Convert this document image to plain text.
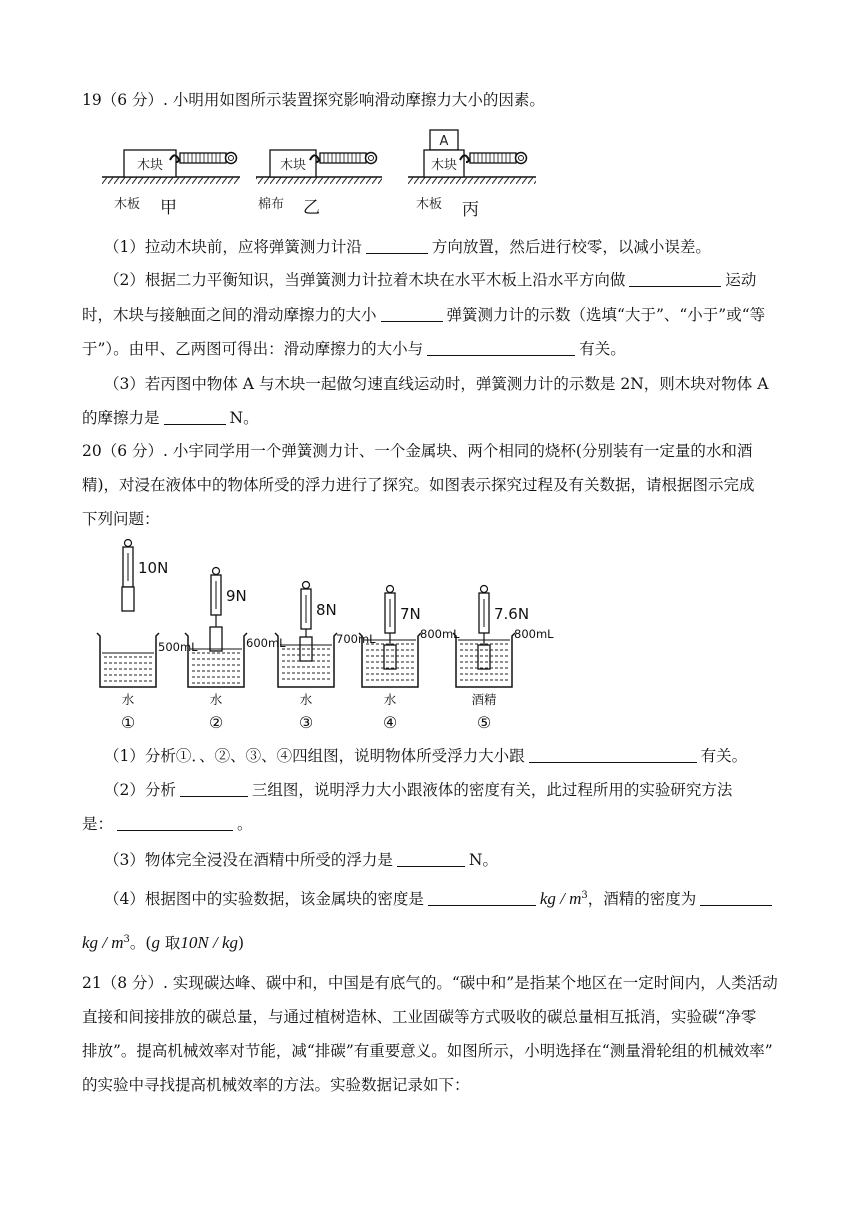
19（6 分）. 小明用如图所示装置探究影响滑动摩擦力大小的因素。
木块
木板 甲
木块
棉布 乙
A
木块
木板 丙
（1）拉动木块前，应将弹簧测力计沿	方向放置，然后进行校零，以减小误差。
（2）根据二力平衡知识，当弹簧测力计拉着木块在水平木板上沿水平方向做	运动
时，木块与接触面之间的滑动摩擦力的大小	弹簧测力计的示数（选填“大于”、“小于”或“等
于”）。由甲、乙两图可得出：滑动摩擦力的大小与	有关。
（3）若丙图中物体 A 与木块一起做匀速直线运动时，弹簧测力计的示数是 2N，则木块对物体 A
的摩擦力是	N。
20（6 分）. 小宇同学用一个弹簧测力计、一个金属块、两个相同的烧杯(分别装有一定量的水和酒
精)，对浸在液体中的物体所受的浮力进行了探究。如图表示探究过程及有关数据，请根据图示完成
下列问题：
10N
500mL
水
①
9N
600mL
水
②
8N
700mL
水
③
7N
800mL
水
④
7.6N
800mL
酒精
⑤
（1）分析①．、②、③、④四组图，说明物体所受浮力大小跟	有关。
（2）分析	三组图，说明浮力大小跟液体的密度有关，此过程所用的实验研究方法
是：	。
（3）物体完全浸没在酒精中所受的浮力是	N。
（4）根据图中的实验数据，该金属块的密度是	kg / $m^3$，酒精的密度为
kg / $m^3$。(g 取10N / kg)
21（8 分）. 实现碳达峰、碳中和，中国是有底气的。“碳中和”是指某个地区在一定时间内，人类活动
直接和间接排放的碳总量，与通过植树造林、工业固碳等方式吸收的碳总量相互抵消，实验碳“净零
排放”。提高机械效率对节能，减“排碳”有重要意义。如图所示，小明选择在“测量滑轮组的机械效率”
的实验中寻找提高机械效率的方法。实验数据记录如下：
